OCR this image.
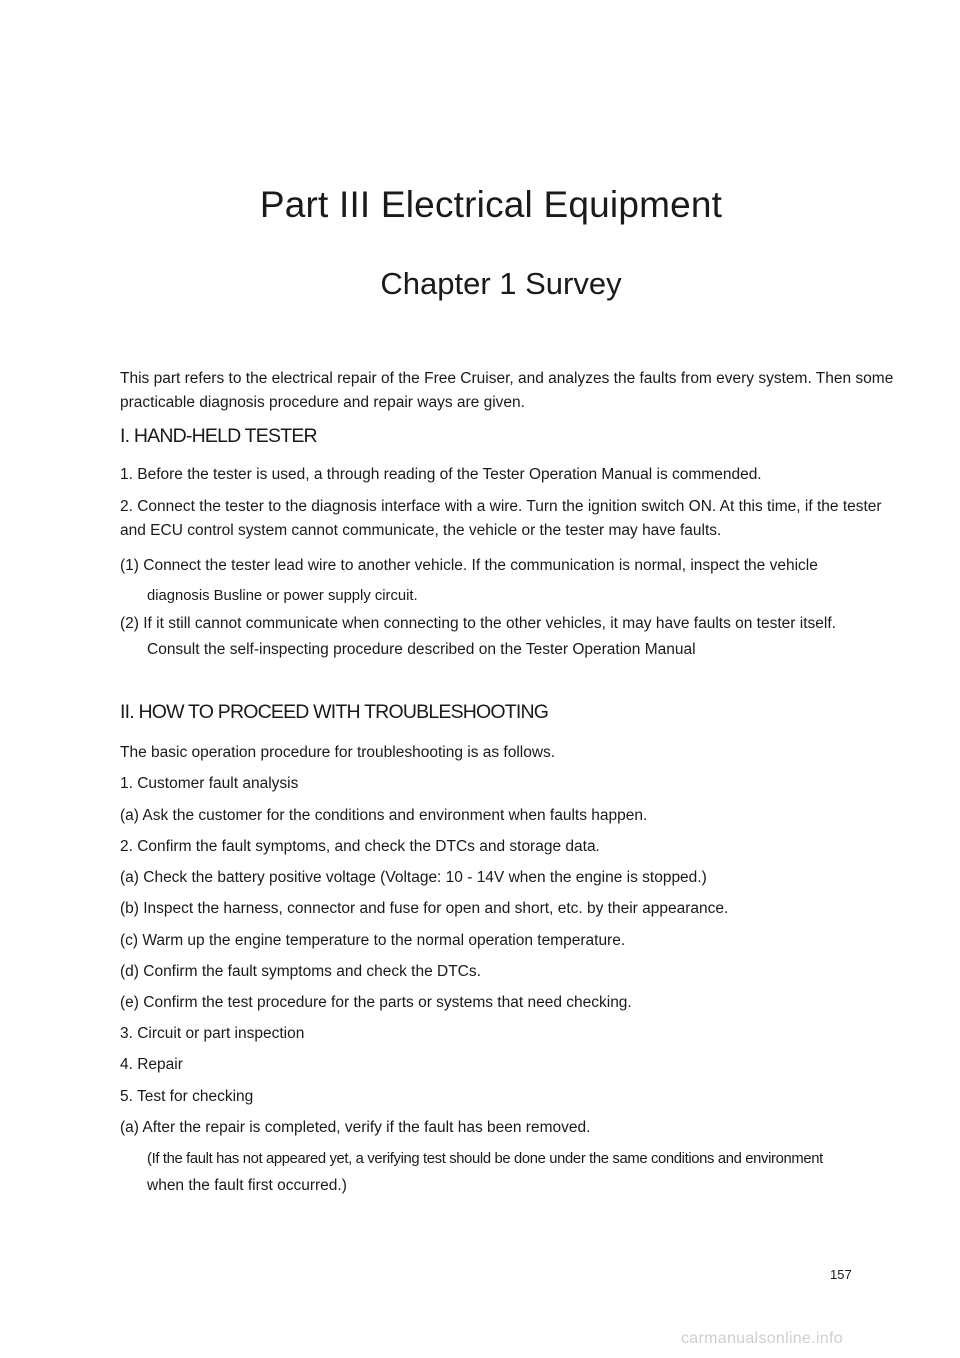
Part III Electrical Equipment
Chapter 1 Survey

This part refers to the electrical repair of the Free Cruiser, and analyzes the faults from every system. Then some practicable diagnosis procedure and repair ways are given.

I. HAND-HELD TESTER
1. Before the tester is used, a through reading of the Tester Operation Manual is commended.
2. Connect the tester to the diagnosis interface with a wire. Turn the ignition switch ON. At this time, if the tester and ECU control system cannot communicate, the vehicle or the tester may have faults.
(1) Connect the tester lead wire to another vehicle. If the communication is normal, inspect the vehicle
diagnosis Busline or power supply circuit.
(2) If it still cannot communicate when connecting to the other vehicles, it may have faults on tester itself.
Consult the self-inspecting procedure described on the Tester Operation Manual
II. HOW TO PROCEED WITH TROUBLESHOOTING
The basic operation procedure for troubleshooting is as follows.
1. Customer fault analysis
(a) Ask the customer for the conditions and environment when faults happen.
2. Confirm the fault symptoms, and check the DTCs and storage data.
(a) Check the battery positive voltage (Voltage: 10 - 14V when the engine is stopped.)
(b) Inspect the harness, connector and fuse for open and short, etc. by their appearance.
(c) Warm up the engine temperature to the normal operation temperature.
(d) Confirm the fault symptoms and check the DTCs.
(e) Confirm the test procedure for the parts or systems that need checking.
3. Circuit or part inspection
4. Repair
5. Test for checking
(a) After the repair is completed, verify if the fault has been removed.
(If the fault has not appeared yet, a verifying test should be done under the same conditions and environment
when the fault first occurred.)
157
carmanualsonline.info
